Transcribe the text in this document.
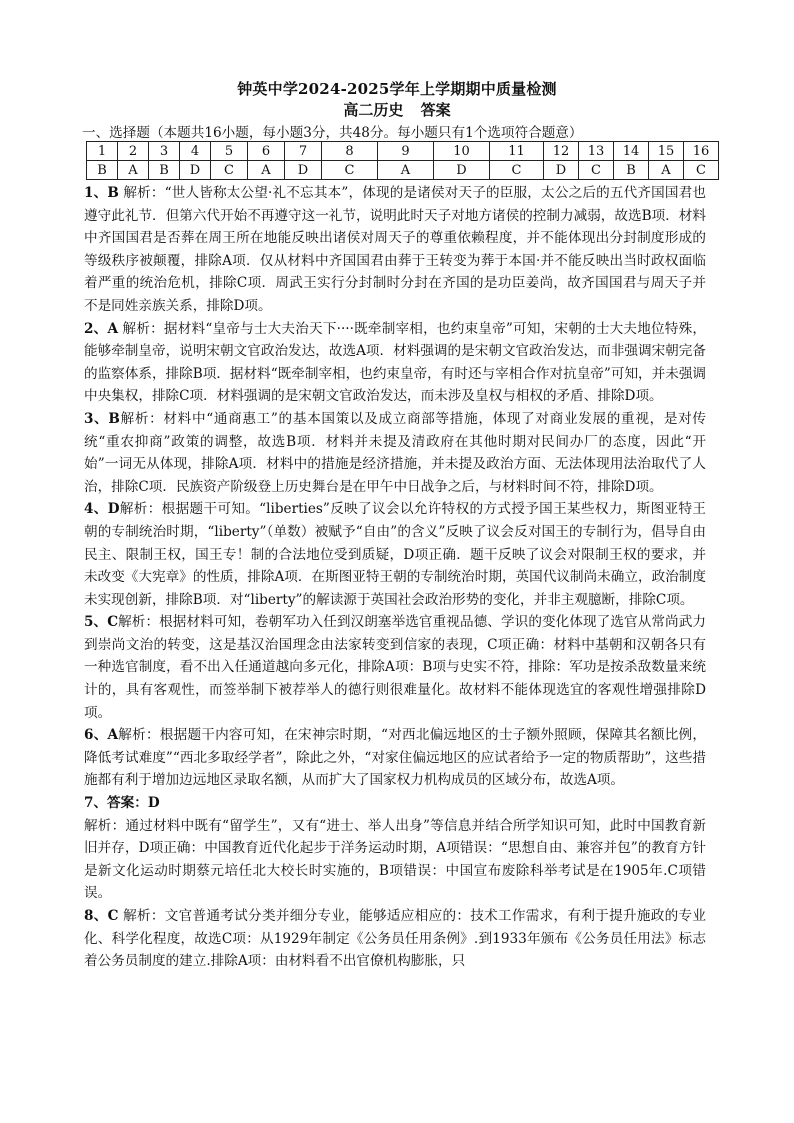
钟英中学2024-2025学年上学期期中质量检测
高二历史 答案
一、选择题（本题共16小题，每小题3分，共48分。每小题只有1个选项符合题意）
1	2	3	4	5	6	7	8	9	10	11	12	13	14	15	16
B	A	B	D	C	A	D	C	A	D	C	D	C	B	A	C

1、B 解析：“世人皆称太公望·礼不忘其本”，体现的是诸侯对天子的臣服，太公之后的五代齐国国君也遵守此礼节．但第六代开始不再遵守这一礼节，说明此时天子对地方诸侯的控制力减弱，故选B项．材料中齐国国君是否葬在周王所在地能反映出诸侯对周天子的尊重依赖程度，并不能体现出分封制度形成的等级秩序被颠覆，排除A项．仅从材料中齐国国君由葬于王转变为葬于本国·并不能反映出当时政权面临着严重的统治危机，排除C项．周武王实行分封制时分封在齐国的是功臣姜尚，故齐国国君与周天子并不是同姓亲族关系，排除D项。

2、A 解析：据材料“皇帝与士大夫治天下····既牵制宰相，也约束皇帝”可知，宋朝的士大夫地位特殊，能够牵制皇帝，说明宋朝文官政治发达，故选A项．材料强调的是宋朝文官政治发达，而非强调宋朝完备的监察体系，排除B项．据材料“既牵制宰相，也约束皇帝，有时还与宰相合作对抗皇帝”可知，并未强调中央集权，排除C项．材料强调的是宋朝文官政治发达，而未涉及皇权与相权的矛盾、排除D项。

3、B解析：材料中“通商惠工”的基本国策以及成立商部等措施，体现了对商业发展的重视，是对传统“重农抑商”政策的调整，故选B项．材料并未提及清政府在其他时期对民间办厂的态度，因此“开始”一词无从体现，排除A项．材料中的措施是经济措施，并未提及政治方面、无法体现用法治取代了人治，排除C项．民族资产阶级登上历史舞台是在甲午中日战争之后，与材料时间不符，排除D项。

4、D解析：根据题干可知。“liberties”反映了议会以允许特权的方式授予国王某些权力，斯图亚特王朝的专制统治时期，“liberty”（单数）被赋予“自由”的含义”反映了议会反对国王的专制行为，倡导自由民主、限制王权，国王专！制的合法地位受到质疑，D项正确．题干反映了议会对限制王权的要求，并未改变《大宪章》的性质，排除A项．在斯图亚特王朝的专制统治时期，英国代议制尚未确立，政治制度未实现创新，排除B项．对“liberty”的解读源于英国社会政治形势的变化，并非主观臆断，排除C项。

5、C解析：根据材料可知，卷朝军功入任到汉朗塞举选官重视品德、学识的变化体现了选官从常尚武力到崇尚文治的转变，这是基汉治国理念由法家转变到信家的表现，C项正确：材料中基朝和汉朝各只有一种选官制度，看不出入任通道越向多元化，排除A项：B项与史实不符，排除：军功是按杀敌数量来统计的，具有客观性，而签举制下被荐举人的德行则很难量化。故材料不能体现选宜的客观性增强排除D项。

6、A解析：根据题干内容可知，在宋神宗时期，“对西北偏远地区的士子额外照顾，保障其名额比例，降低考试难度”“西北多取经学者”，除此之外，“对家住偏远地区的应试者给予一定的物质帮助”，这些措施都有利于增加边远地区录取名额，从而扩大了国家权力机构成员的区域分布，故选A项。

7、答案：D

解析：通过材料中既有“留学生”，又有“进士、举人出身”等信息并结合所学知识可知，此时中国教育新旧并存，D项正确：中国教育近代化起步于洋务运动时期，A项错误：“思想自由、兼容并包”的教育方针是新文化运动时期蔡元培任北大校长时实施的，B项错误：中国宣布废除科举考试是在1905年.C项错误。

8、C 解析：文官普通考试分类并细分专业，能够适应相应的：技术工作需求，有利于提升施政的专业化、科学化程度，故选C项：从1929年制定《公务员任用条例》.到1933年颁布《公务员任用法》标志着公务员制度的建立.排除A项：由材料看不出官僚机构膨胀，只
